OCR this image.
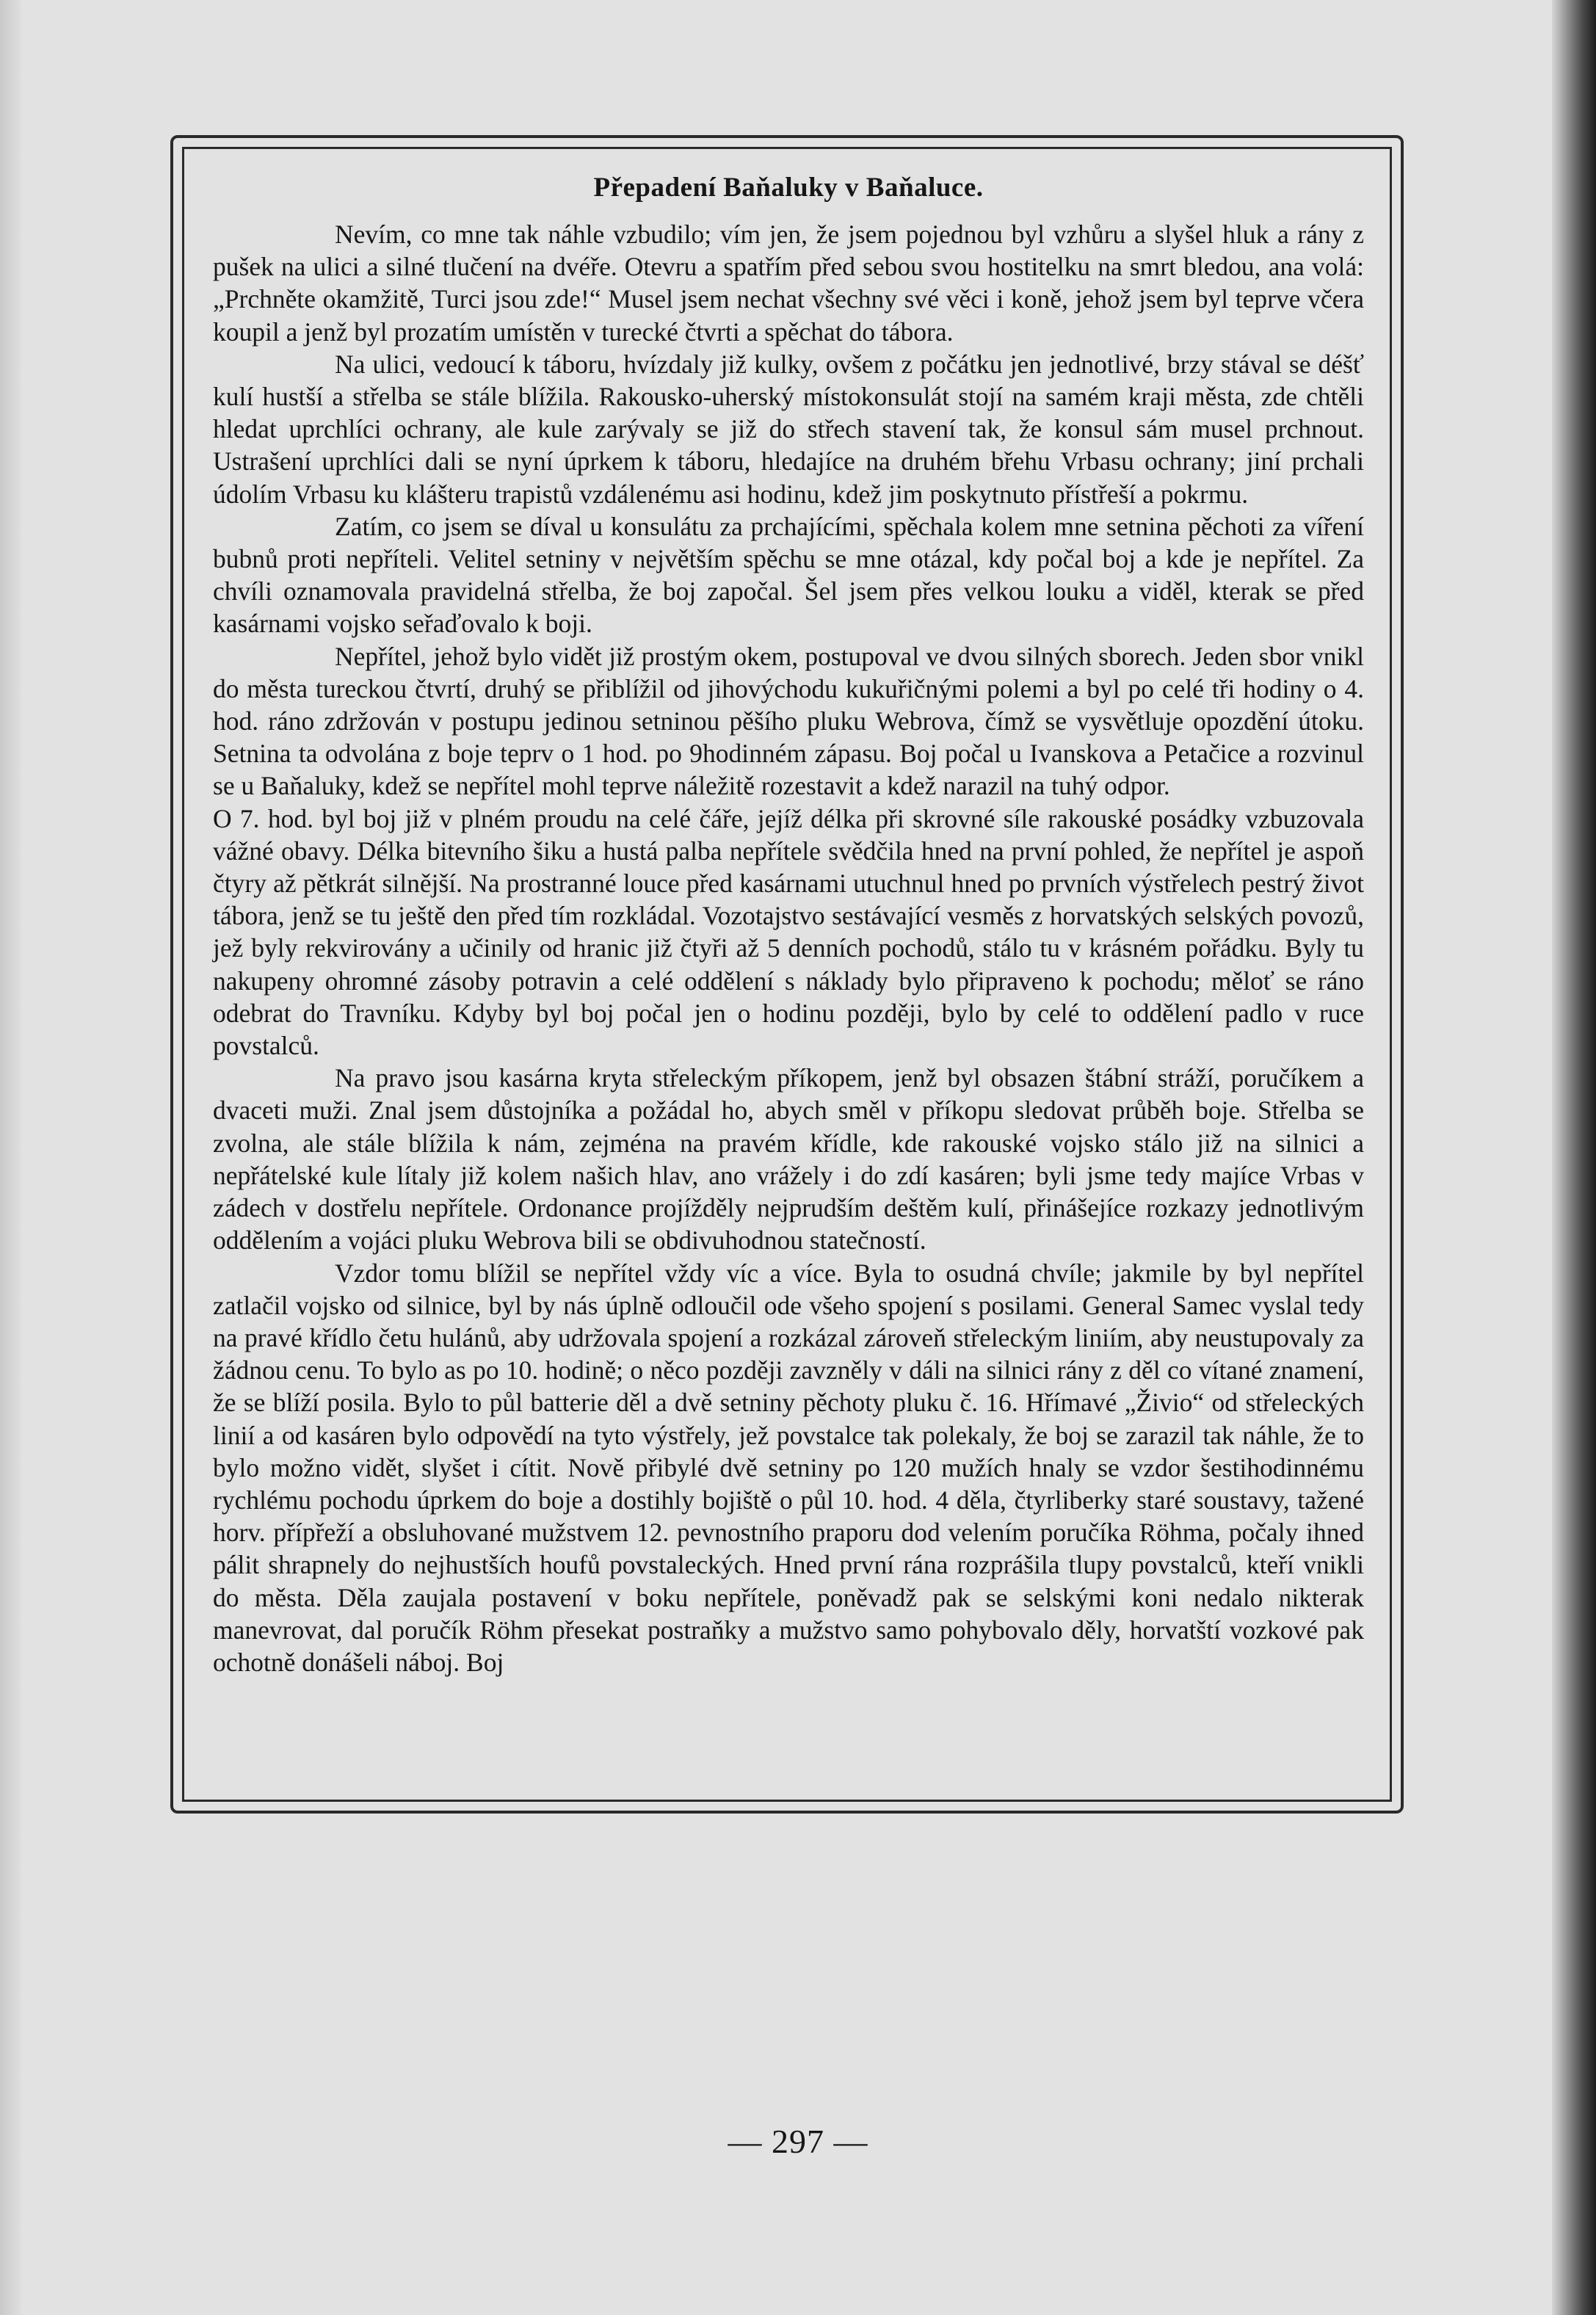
Přepadení Baňaluky v Baňaluce.

Nevím, co mne tak náhle vzbudilo; vím jen, že jsem pojednou byl vzhůru a slyšel hluk a rány z pušek na ulici a silné tlučení na dvéře. Otevru a spatřím před sebou svou hostitelku na smrt bledou, ana volá: „Prchněte okamžitě, Turci jsou zde!“ Musel jsem nechat všechny své věci i koně, jehož jsem byl teprve včera koupil a jenž byl prozatím umístěn v turecké čtvrti a spěchat do tábora.

Na ulici, vedoucí k táboru, hvízdaly již kulky, ovšem z počátku jen jednotlivé, brzy stával se déšť kulí hustší a střelba se stále blížila. Rakousko-uherský místokonsulát stojí na samém kraji města, zde chtěli hledat uprchlíci ochrany, ale kule zarývaly se již do střech stavení tak, že konsul sám musel prchnout. Ustrašení uprchlíci dali se nyní úprkem k táboru, hledajíce na druhém břehu Vrbasu ochrany; jiní prchali údolím Vrbasu ku klášteru trapistů vzdálenému asi hodinu, kdež jim poskytnuto přístřeší a pokrmu.

Zatím, co jsem se díval u konsulátu za prchajícími, spěchala kolem mne setnina pěchoti za víření bubnů proti nepříteli. Velitel setniny v největším spěchu se mne otázal, kdy počal boj a kde je nepřítel. Za chvíli oznamovala pravidelná střelba, že boj započal. Šel jsem přes velkou louku a viděl, kterak se před kasárnami vojsko seřaďovalo k boji.

Nepřítel, jehož bylo vidět již prostým okem, postupoval ve dvou silných sborech. Jeden sbor vnikl do města tureckou čtvrtí, druhý se přiblížil od jihovýchodu kukuřičnými polemi a byl po celé tři hodiny o 4. hod. ráno zdržován v postupu jedinou setninou pěšího pluku Webrova, čímž se vysvětluje opozdění útoku. Setnina ta odvolána z boje teprv o 1 hod. po 9hodinném zápasu. Boj počal u Ivanskova a Petačice a rozvinul se u Baňaluky, kdež se nepřítel mohl teprve náležitě rozestavit a kdež narazil na tuhý odpor.

O 7. hod. byl boj již v plném proudu na celé čáře, jejíž délka při skrovné síle rakouské posádky vzbuzovala vážné obavy. Délka bitevního šiku a hustá palba nepřítele svědčila hned na první pohled, že nepřítel je aspoň čtyry až pětkrát silnější. Na prostranné louce před kasárnami utuchnul hned po prvních výstřelech pestrý život tábora, jenž se tu ještě den před tím rozkládal. Vozotajstvo sestávající vesměs z horvatských selských povozů, jež byly rekvirovány a učinily od hranic již čtyři až 5 denních pochodů, stálo tu v krásném pořádku. Byly tu nakupeny ohromné zásoby potravin a celé oddělení s náklady bylo připraveno k pochodu; měloť se ráno odebrat do Travníku. Kdyby byl boj počal jen o hodinu později, bylo by celé to oddělení padlo v ruce povstalců.

Na pravo jsou kasárna kryta střeleckým příkopem, jenž byl obsazen štábní stráží, poručíkem a dvaceti muži. Znal jsem důstojníka a požádal ho, abych směl v příkopu sledovat průběh boje. Střelba se zvolna, ale stále blížila k nám, zejména na pravém křídle, kde rakouské vojsko stálo již na silnici a nepřátelské kule lítaly již kolem našich hlav, ano vrážely i do zdí kasáren; byli jsme tedy majíce Vrbas v zádech v dostřelu nepřítele. Ordonance projížděly nejprudším deštěm kulí, přinášejíce rozkazy jednotlivým oddělením a vojáci pluku Webrova bili se obdivuhodnou statečností.

Vzdor tomu blížil se nepřítel vždy víc a více. Byla to osudná chvíle; jakmile by byl nepřítel zatlačil vojsko od silnice, byl by nás úplně odloučil ode všeho spojení s posilami. General Samec vyslal tedy na pravé křídlo četu hulánů, aby udržovala spojení a rozkázal zároveň střeleckým liniím, aby neustupovaly za žádnou cenu. To bylo as po 10. hodině; o něco později zavzněly v dáli na silnici rány z děl co vítané znamení, že se blíží posila. Bylo to půl batterie děl a dvě setniny pěchoty pluku č. 16. Hřímavé „Živio“ od střeleckých linií a od kasáren bylo odpovědí na tyto výstřely, jež povstalce tak polekaly, že boj se zarazil tak náhle, že to bylo možno vidět, slyšet i cítit. Nově přibylé dvě setniny po 120 mužích hnaly se vzdor šestihodinnému rychlému pochodu úprkem do boje a dostihly bojiště o půl 10. hod. 4 děla, čtyrliberky staré soustavy, tažené horv. přípřeží a obsluhované mužstvem 12. pevnostního praporu dod velením poručíka Röhma, počaly ihned pálit shrapnely do nejhustších houfů povstaleckých. Hned první rána rozprášila tlupy povstalců, kteří vnikli do města. Děla zaujala postavení v boku nepřítele, poněvadž pak se selskými koni nedalo nikterak manevrovat, dal poručík Röhm přesekat postraňky a mužstvo samo pohybovalo děly, horvatští vozkové pak ochotně donášeli náboj. Boj

— 297 —
